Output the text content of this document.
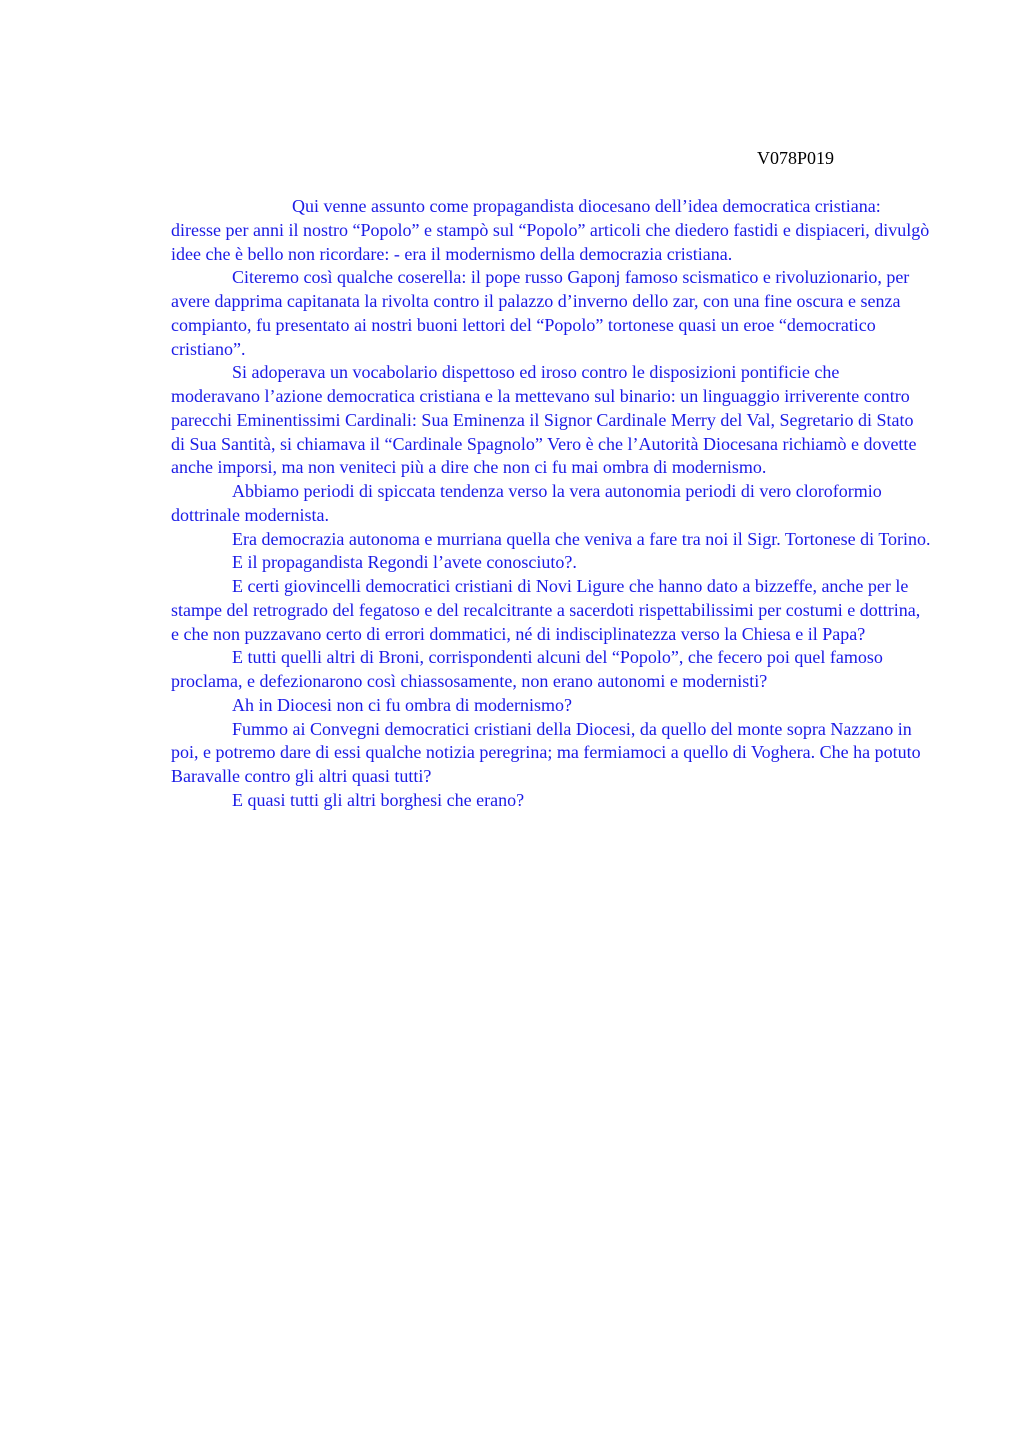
V078P019

Qui venne assunto come propagandista diocesano dell’idea democratica cristiana: diresse per anni il nostro “Popolo” e stampò sul “Popolo” articoli che diedero fastidi e dispiaceri, divulgò idee che è bello non ricordare: - era il modernismo della democrazia cristiana.

Citeremo così qualche coserella: il pope russo Gaponj famoso scismatico e rivoluzionario, per avere dapprima capitanata la rivolta contro il palazzo d’inverno dello zar, con una fine oscura e senza compianto, fu presentato ai nostri buoni lettori del “Popolo” tortonese quasi un eroe “democratico cristiano”.

Si adoperava un vocabolario dispettoso ed iroso contro le disposizioni pontificie che moderavano l’azione democratica cristiana e la mettevano sul binario: un linguaggio irriverente contro parecchi Eminentissimi Cardinali: Sua Eminenza il Signor Cardinale Merry del Val, Segretario di Stato di Sua Santità, si chiamava il “Cardinale Spagnolo” Vero è che l’Autorità Diocesana richiamò e dovette anche imporsi, ma non veniteci più a dire che non ci fu mai ombra di modernismo.

Abbiamo periodi di spiccata tendenza verso la vera autonomia periodi di vero cloroformio dottrinale modernista.

Era democrazia autonoma e murriana quella che veniva a fare tra noi il Sigr. Tortonese di Torino.

E il propagandista Regondi l’avete conosciuto?.

E certi giovincelli democratici cristiani di Novi Ligure che hanno dato a bizzeffe, anche per le stampe del retrogrado del fegatoso e del recalcitrante a sacerdoti rispettabilissimi per costumi e dottrina, e che non puzzavano certo di errori dommatici, né di indisciplinatezza verso la Chiesa e il Papa?

E tutti quelli altri di Broni, corrispondenti alcuni del “Popolo”, che fecero poi quel famoso proclama, e defezionarono così chiassosamente, non erano autonomi e modernisti?

Ah in Diocesi non ci fu ombra di modernismo?

Fummo ai Convegni democratici cristiani della Diocesi, da quello del monte sopra Nazzano in poi, e potremo dare di essi qualche notizia peregrina; ma fermiamoci a quello di Voghera. Che ha potuto Baravalle contro gli altri quasi tutti?

E quasi tutti gli altri borghesi che erano?
